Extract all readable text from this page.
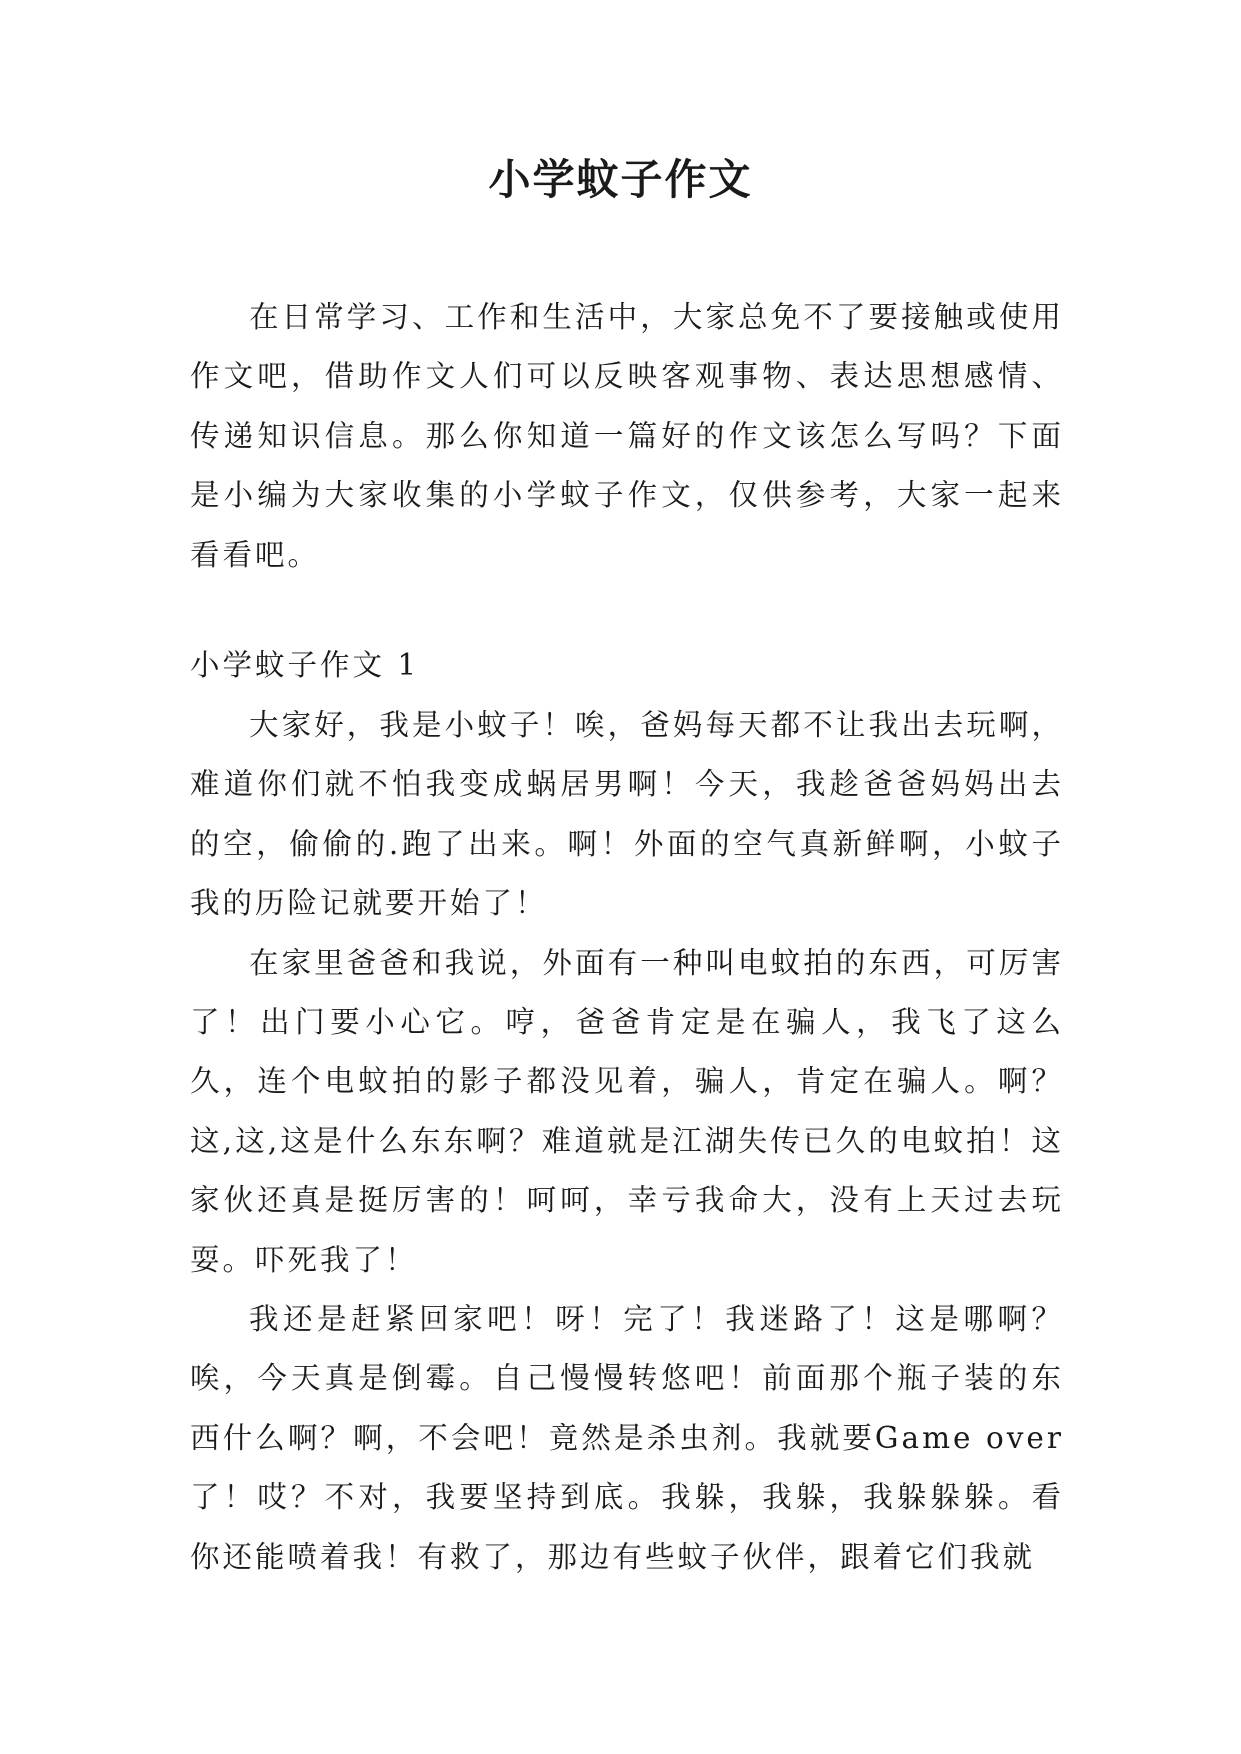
小学蚊子作文

在日常学习、工作和生活中，大家总免不了要接触或使用作文吧，借助作文人们可以反映客观事物、表达思想感情、传递知识信息。那么你知道一篇好的作文该怎么写吗？下面是小编为大家收集的小学蚊子作文，仅供参考，大家一起来看看吧。

小学蚊子作文 1

大家好，我是小蚊子！唉，爸妈每天都不让我出去玩啊，难道你们就不怕我变成蜗居男啊！今天，我趁爸爸妈妈出去的空，偷偷的.跑了出来。啊！外面的空气真新鲜啊，小蚊子我的历险记就要开始了！

在家里爸爸和我说，外面有一种叫电蚊拍的东西，可厉害了！出门要小心它。哼，爸爸肯定是在骗人，我飞了这么久，连个电蚊拍的影子都没见着，骗人，肯定在骗人。啊？这,这,这是什么东东啊？难道就是江湖失传已久的电蚊拍！这家伙还真是挺厉害的！呵呵，幸亏我命大，没有上天过去玩耍。吓死我了！

我还是赶紧回家吧！呀！完了！我迷路了！这是哪啊？唉，今天真是倒霉。自己慢慢转悠吧！前面那个瓶子装的东西什么啊？啊，不会吧！竟然是杀虫剂。我就要Game over了！哎？不对，我要坚持到底。我躲，我躲，我躲躲躲。看你还能喷着我！有救了，那边有些蚊子伙伴，跟着它们我就
